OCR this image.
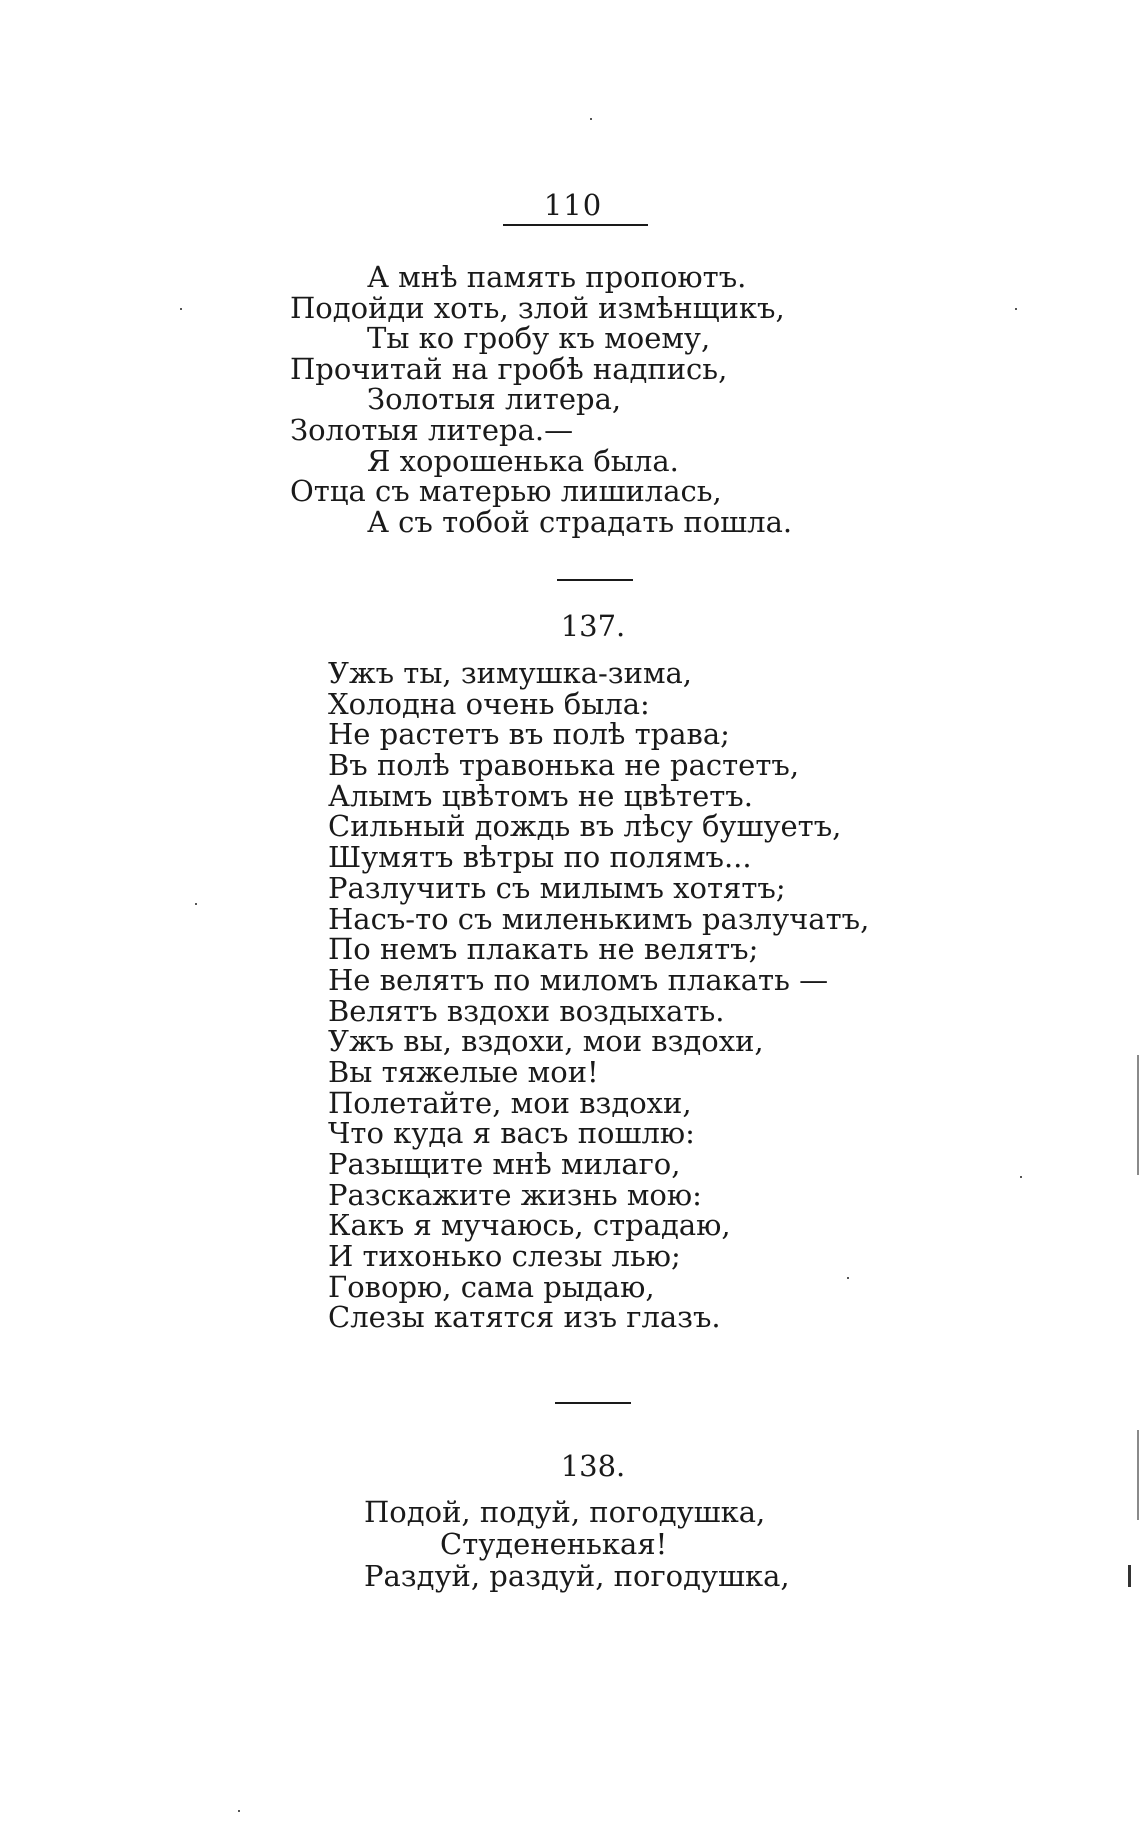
110
А мнѣ память пропоютъ.
Подойди хоть, злой измѣнщикъ,
Ты ко гробу къ моему,
Прочитай на гробѣ надпись,
Золотыя литера,
Золотыя литера.—
Я хорошенька была.
Отца съ матерью лишилась,
А съ тобой страдать пошла.
137.
Ужъ ты, зимушка-зима,
Холодна очень была:
Не растетъ въ полѣ трава;
Въ полѣ травонька не растетъ,
Алымъ цвѣтомъ не цвѣтетъ.
Сильный дождь въ лѣсу бушуетъ,
Шумятъ вѣтры по полямъ...
Разлучить съ милымъ хотятъ;
Насъ-то съ миленькимъ разлучатъ,
По немъ плакать не велятъ;
Не велятъ по миломъ плакать —
Велятъ вздохи воздыхать.
Ужъ вы, вздохи, мои вздохи,
Вы тяжелые мои!
Полетайте, мои вздохи,
Что куда я васъ пошлю:
Разыщите мнѣ милаго,
Разскажите жизнь мою:
Какъ я мучаюсь, страдаю,
И тихонько слезы лью;
Говорю, сама рыдаю,
Слезы катятся изъ глазъ.
138.
Подой, подуй, погодушка,
Студененькая!
Раздуй, раздуй, погодушка,
